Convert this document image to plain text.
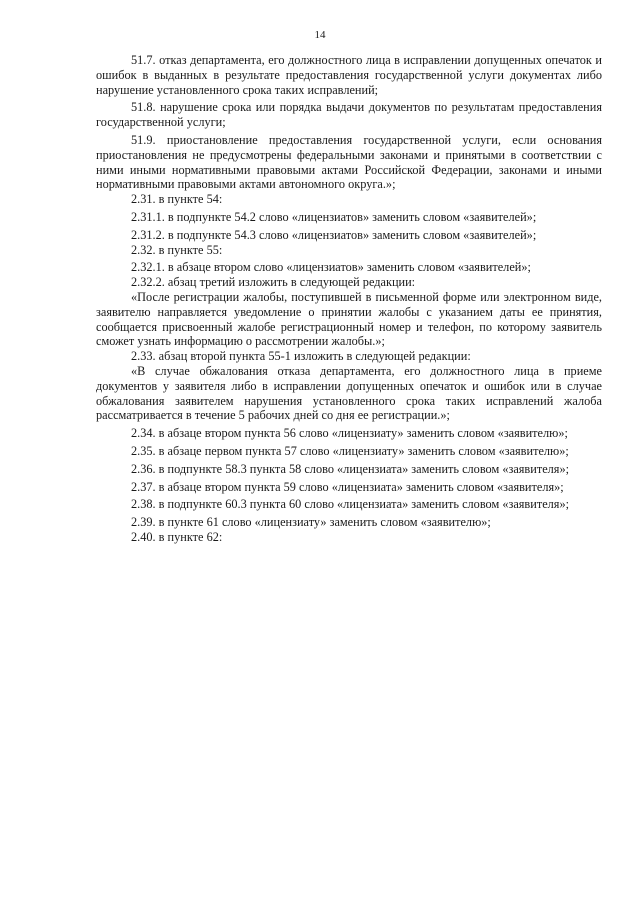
14

51.7. отказ департамента, его должностного лица в исправлении допущенных опечаток и ошибок в выданных в результате предоставления государственной услуги документах либо нарушение установленного срока таких исправлений;

51.8. нарушение срока или порядка выдачи документов по результатам предоставления государственной услуги;

51.9. приостановление предоставления государственной услуги, если основания приостановления не предусмотрены федеральными законами и принятыми в соответствии с ними иными нормативными правовыми актами Российской Федерации, законами и иными нормативными правовыми актами автономного округа.»;

2.31. в пункте 54:

2.31.1. в подпункте 54.2 слово «лицензиатов» заменить словом «заявителей»;

2.31.2. в подпункте 54.3 слово «лицензиатов» заменить словом «заявителей»;

2.32. в пункте 55:

2.32.1. в абзаце втором слово «лицензиатов» заменить словом «заявителей»;

2.32.2. абзац третий изложить в следующей редакции:

«После регистрации жалобы, поступившей в письменной форме или электронном виде, заявителю направляется уведомление о принятии жалобы с указанием даты ее принятия, сообщается присвоенный жалобе регистрационный номер и телефон, по которому заявитель сможет узнать информацию о рассмотрении жалобы.»;

2.33. абзац второй пункта 55-1 изложить в следующей редакции:

«В случае обжалования отказа департамента, его должностного лица в приеме документов у заявителя либо в исправлении допущенных опечаток и ошибок или в случае обжалования заявителем нарушения установленного срока таких исправлений жалоба рассматривается в течение 5 рабочих дней со дня ее регистрации.»;

2.34. в абзаце втором пункта 56 слово «лицензиату» заменить словом «заявителю»;

2.35. в абзаце первом пункта 57 слово «лицензиату» заменить словом «заявителю»;

2.36. в подпункте 58.3 пункта 58 слово «лицензиата» заменить словом «заявителя»;

2.37. в абзаце втором пункта 59 слово «лицензиата» заменить словом «заявителя»;

2.38. в подпункте 60.3 пункта 60 слово «лицензиата» заменить словом «заявителя»;

2.39. в пункте 61 слово «лицензиату» заменить словом «заявителю»;

2.40. в пункте 62:
